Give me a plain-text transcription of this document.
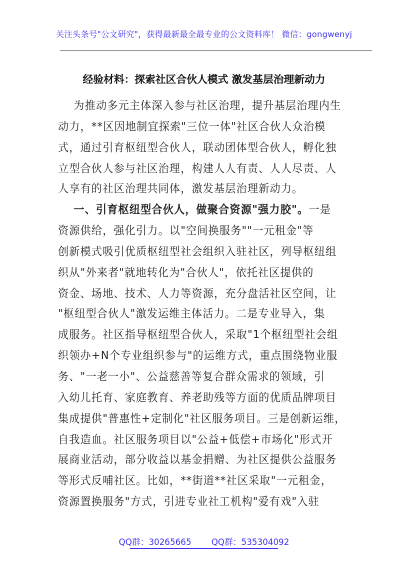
关注头条号"公文研究"，获得最新最全最专业的公文资料库！ 微信：gongwenyj
经验材料：探索社区合伙人模式 激发基层治理新动力
为推动多元主体深入参与社区治理，提升基层治理内生
动力，**区因地制宜探索"三位一体"社区合伙人众治模
式，通过引育枢纽型合伙人，联动团体型合伙人，孵化独
立型合伙人参与社区治理，构建人人有责、人人尽责、人
人享有的社区治理共同体，激发基层治理新动力。
一、引育枢纽型合伙人，做聚合资源"强力胶"。一是
资源供给，强化引力。以"空间换服务""一元租金"等
创新模式吸引优质枢纽型社会组织入驻社区，列导枢纽组
织从"外来者"就地转化为"合伙人"，依托社区提供的
资金、场地、技术、人力等资源，充分盘活社区空间，让
"枢纽型合伙人"激发运维主体活力。二是专业导入，集
成服务。社区指导枢纽型合伙人，采取"1个枢纽型社会组
织领办+N个专业组织参与"的运维方式，重点围绕物业服
务、"一老一小"、公益慈善等复合群众需求的领域，引
入幼儿托育、家庭教育、养老助残等方面的优质品牌项目
集成提供"普惠性+定制化"社区服务项目。三是创新运维，
自我造血。社区服务项目以"公益+低偿+市场化"形式开
展商业活动，部分收益以基金捐赠、为社区提供公益服务
等形式反哺社区。比如，**街道**社区采取"一元租金，
资源置换服务"方式，引进专业社工机构"爱有戏"入驻
QQ群：30265665 QQ群：535304092
